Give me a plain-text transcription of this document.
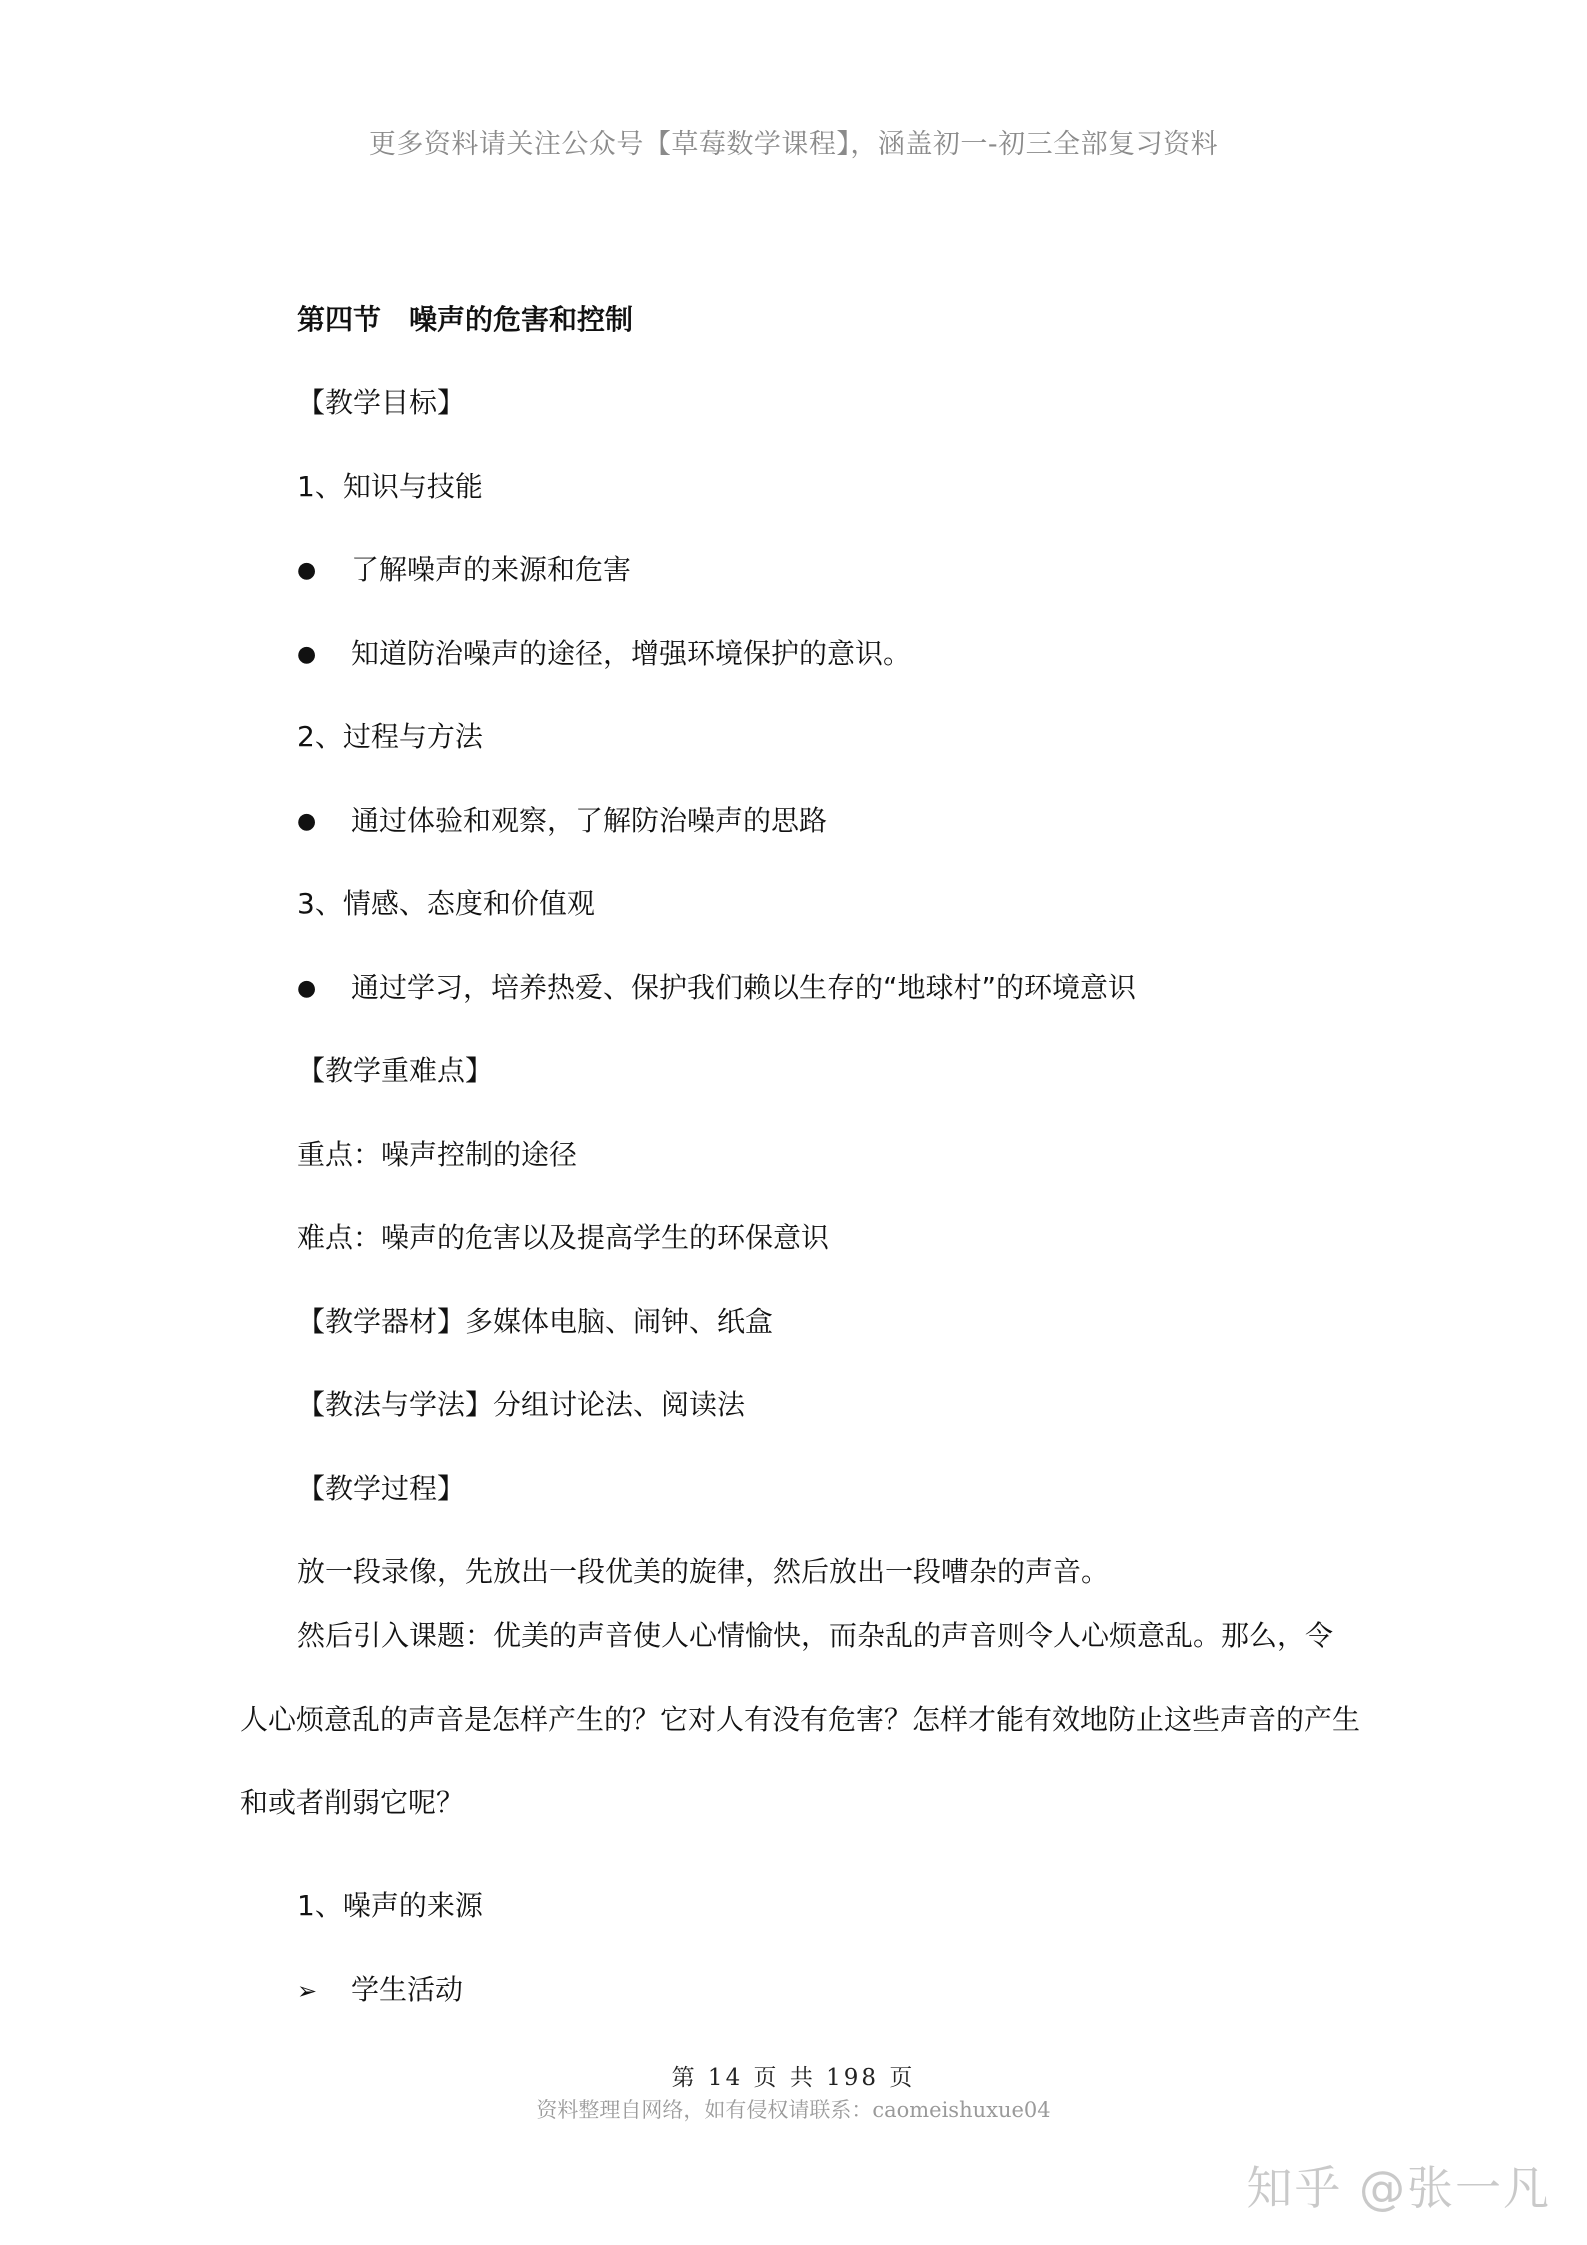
更多资料请关注公众号【草莓数学课程】，涵盖初一-初三全部复习资料
第四节　噪声的危害和控制
【教学目标】
1、知识与技能
● 了解噪声的来源和危害
● 知道防治噪声的途径，增强环境保护的意识。
2、过程与方法
● 通过体验和观察，了解防治噪声的思路
3、情感、态度和价值观
● 通过学习，培养热爱、保护我们赖以生存的“地球村”的环境意识
【教学重难点】
重点：噪声控制的途径
难点：噪声的危害以及提高学生的环保意识
【教学器材】多媒体电脑、闹钟、纸盒
【教法与学法】分组讨论法、阅读法
【教学过程】
放一段录像，先放出一段优美的旋律，然后放出一段嘈杂的声音。
然后引入课题：优美的声音使人心情愉快，而杂乱的声音则令人心烦意乱。那么，令人心烦意乱的声音是怎样产生的？它对人有没有危害？怎样才能有效地防止这些声音的产生和或者削弱它呢？
1、噪声的来源
➢ 学生活动
第 14 页 共 198 页
资料整理自网络，如有侵权请联系：caomeishuxue04
知乎 @张一凡
